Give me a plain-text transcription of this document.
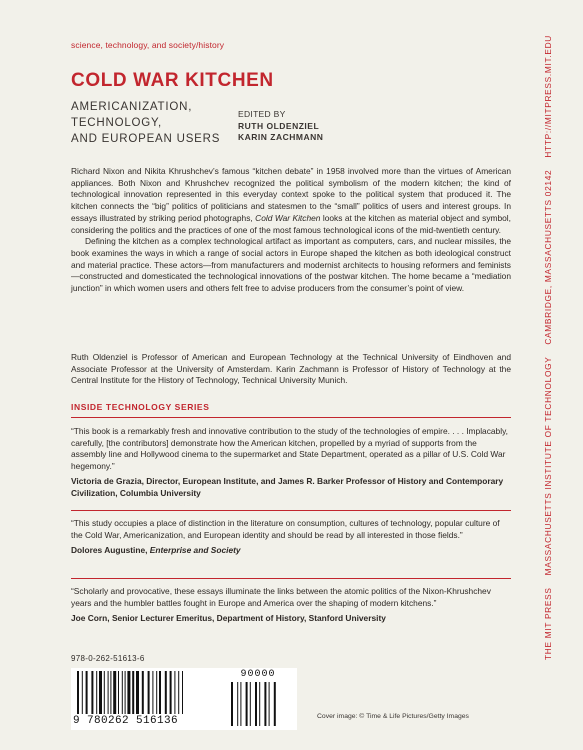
science, technology, and society/history
COLD WAR KITCHEN
AMERICANIZATION,
TECHNOLOGY,
AND EUROPEAN USERS
EDITED BY
RUTH OLDENZIEL
KARIN ZACHMANN

Richard Nixon and Nikita Khrushchev’s famous “kitchen debate” in 1958 involved more than the virtues of American appliances. Both Nixon and Khrushchev recognized the political symbolism of the modern kitchen; the kind of technological innovation represented in this everyday context spoke to the political system that produced it. The kitchen connects the “big” politics of politicians and statesmen to the “small” politics of users and interest groups. In essays illustrated by striking period photographs, Cold War Kitchen looks at the kitchen as material object and symbol, considering the politics and the practices of one of the most famous technological icons of the mid-twentieth century.

Defining the kitchen as a complex technological artifact as important as computers, cars, and nuclear missiles, the book examines the ways in which a range of social actors in Europe shaped the kitchen as both ideological construct and material practice. These actors—from manufacturers and modernist architects to housing reformers and feminists—constructed and domesticated the technological innovations of the postwar kitchen. The home became a “mediation junction” in which women users and others felt free to advise producers from the consumer’s point of view.

Ruth Oldenziel is Professor of American and European Technology at the Technical University of Eindhoven and Associate Professor at the University of Amsterdam. Karin Zachmann is Professor of History of Technology at the Central Institute for the History of Technology, Technical University Munich.
INSIDE TECHNOLOGY SERIES
“This book is a remarkably fresh and innovative contribution to the study of the technologies of empire. . . . Implacably, carefully, [the contributors] demonstrate how the American kitchen, propelled by a myriad of supports from the assembly line and Hollywood cinema to the supermarket and State Department, operated as a pillar of U.S. Cold War hegemony.”
Victoria de Grazia, Director, European Institute, and James R. Barker Professor of History and Contemporary Civilization, Columbia University
“This study occupies a place of distinction in the literature on consumption, cultures of technology, popular culture of the Cold War, Americanization, and European identity and should be read by all interested in those fields.”
Dolores Augustine, Enterprise and Society
“Scholarly and provocative, these essays illuminate the links between the atomic politics of the Nixon-Khrushchev years and the humbler battles fought in Europe and America over the shaping of modern kitchens.”
Joe Corn, Senior Lecturer Emeritus, Department of History, Stanford University
978-0-262-51613-6
90000
9 780262 516136	Cover image: © Time & Life Pictures/Getty Images
THE MIT PRESS MASSACHUSETTS INSTITUTE OF TECHNOLOGY CAMBRIDGE, MASSACHUSETTS 02142 HTTP://MITPRESS.MIT.EDU
